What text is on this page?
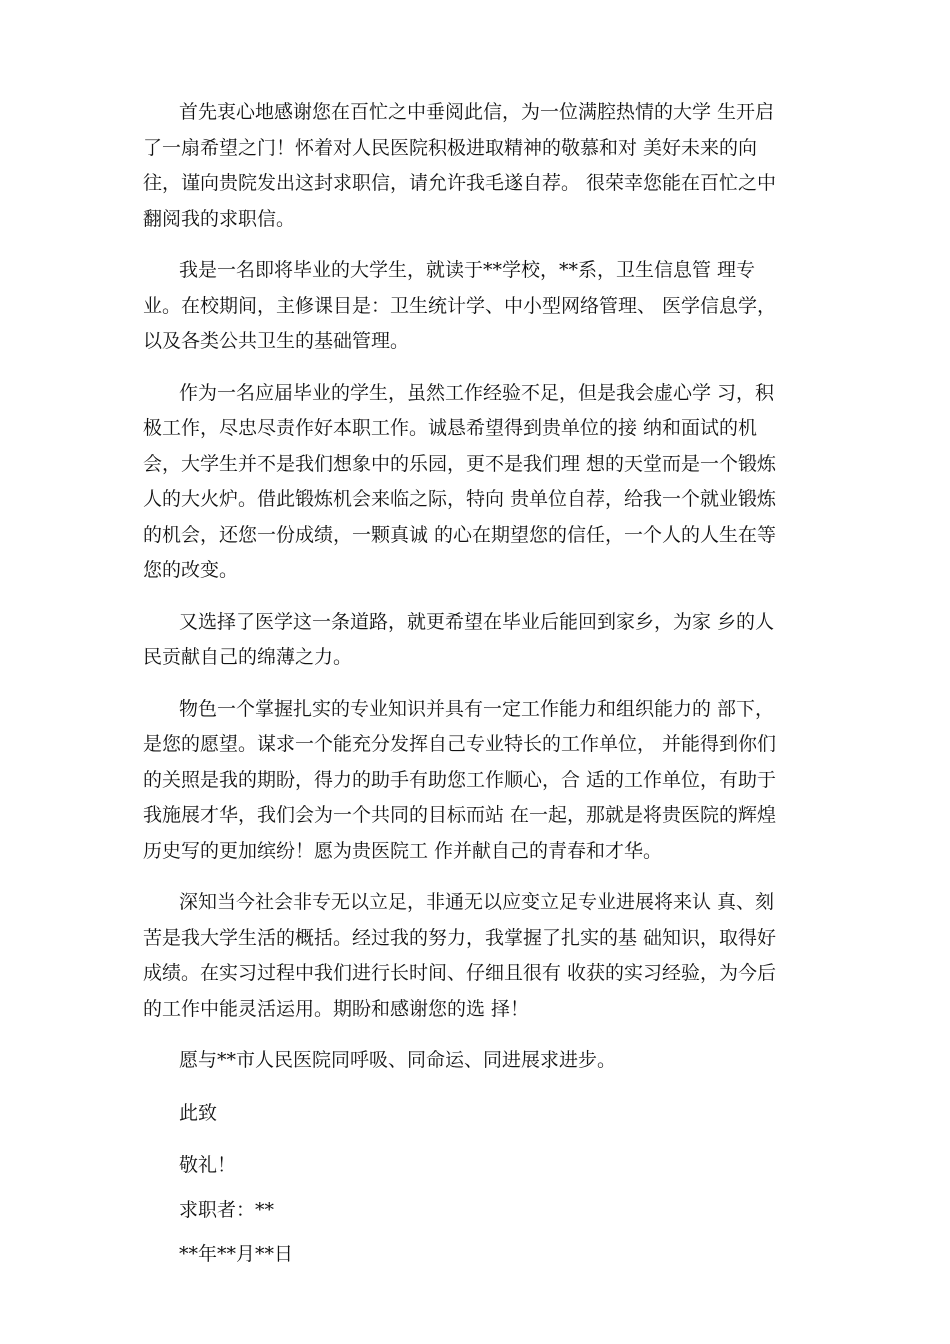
首先衷心地感谢您在百忙之中垂阅此信，为一位满腔热情的大学 生开启
了一扇希望之门！怀着对人民医院积极进取精神的敬慕和对 美好未来的向
往，谨向贵院发出这封求职信，请允许我毛遂自荐。 很荣幸您能在百忙之中
翻阅我的求职信。
我是一名即将毕业的大学生，就读于**学校，**系，卫生信息管 理专
业。在校期间，主修课目是：卫生统计学、中小型网络管理、 医学信息学，
以及各类公共卫生的基础管理。
作为一名应届毕业的学生，虽然工作经验不足，但是我会虚心学 习，积
极工作，尽忠尽责作好本职工作。诚恳希望得到贵单位的接 纳和面试的机
会，大学生并不是我们想象中的乐园，更不是我们理 想的天堂而是一个锻炼
人的大火炉。借此锻炼机会来临之际，特向 贵单位自荐，给我一个就业锻炼
的机会，还您一份成绩，一颗真诚 的心在期望您的信任，一个人的人生在等
您的改变。
又选择了医学这一条道路，就更希望在毕业后能回到家乡，为家 乡的人
民贡献自己的绵薄之力。
物色一个掌握扎实的专业知识并具有一定工作能力和组织能力的 部下，
是您的愿望。谋求一个能充分发挥自己专业特长的工作单位， 并能得到你们
的关照是我的期盼，得力的助手有助您工作顺心，合 适的工作单位，有助于
我施展才华，我们会为一个共同的目标而站 在一起，那就是将贵医院的辉煌
历史写的更加缤纷！愿为贵医院工 作并献自己的青春和才华。
深知当今社会非专无以立足，非通无以应变立足专业进展将来认 真、刻
苦是我大学生活的概括。经过我的努力，我掌握了扎实的基 础知识，取得好
成绩。在实习过程中我们进行长时间、仔细且很有 收获的实习经验，为今后
的工作中能灵活运用。期盼和感谢您的选 择！

愿与**市人民医院同呼吸、同命运、同进展求进步。

此致

敬礼！

求职者：**

**年**月**日
